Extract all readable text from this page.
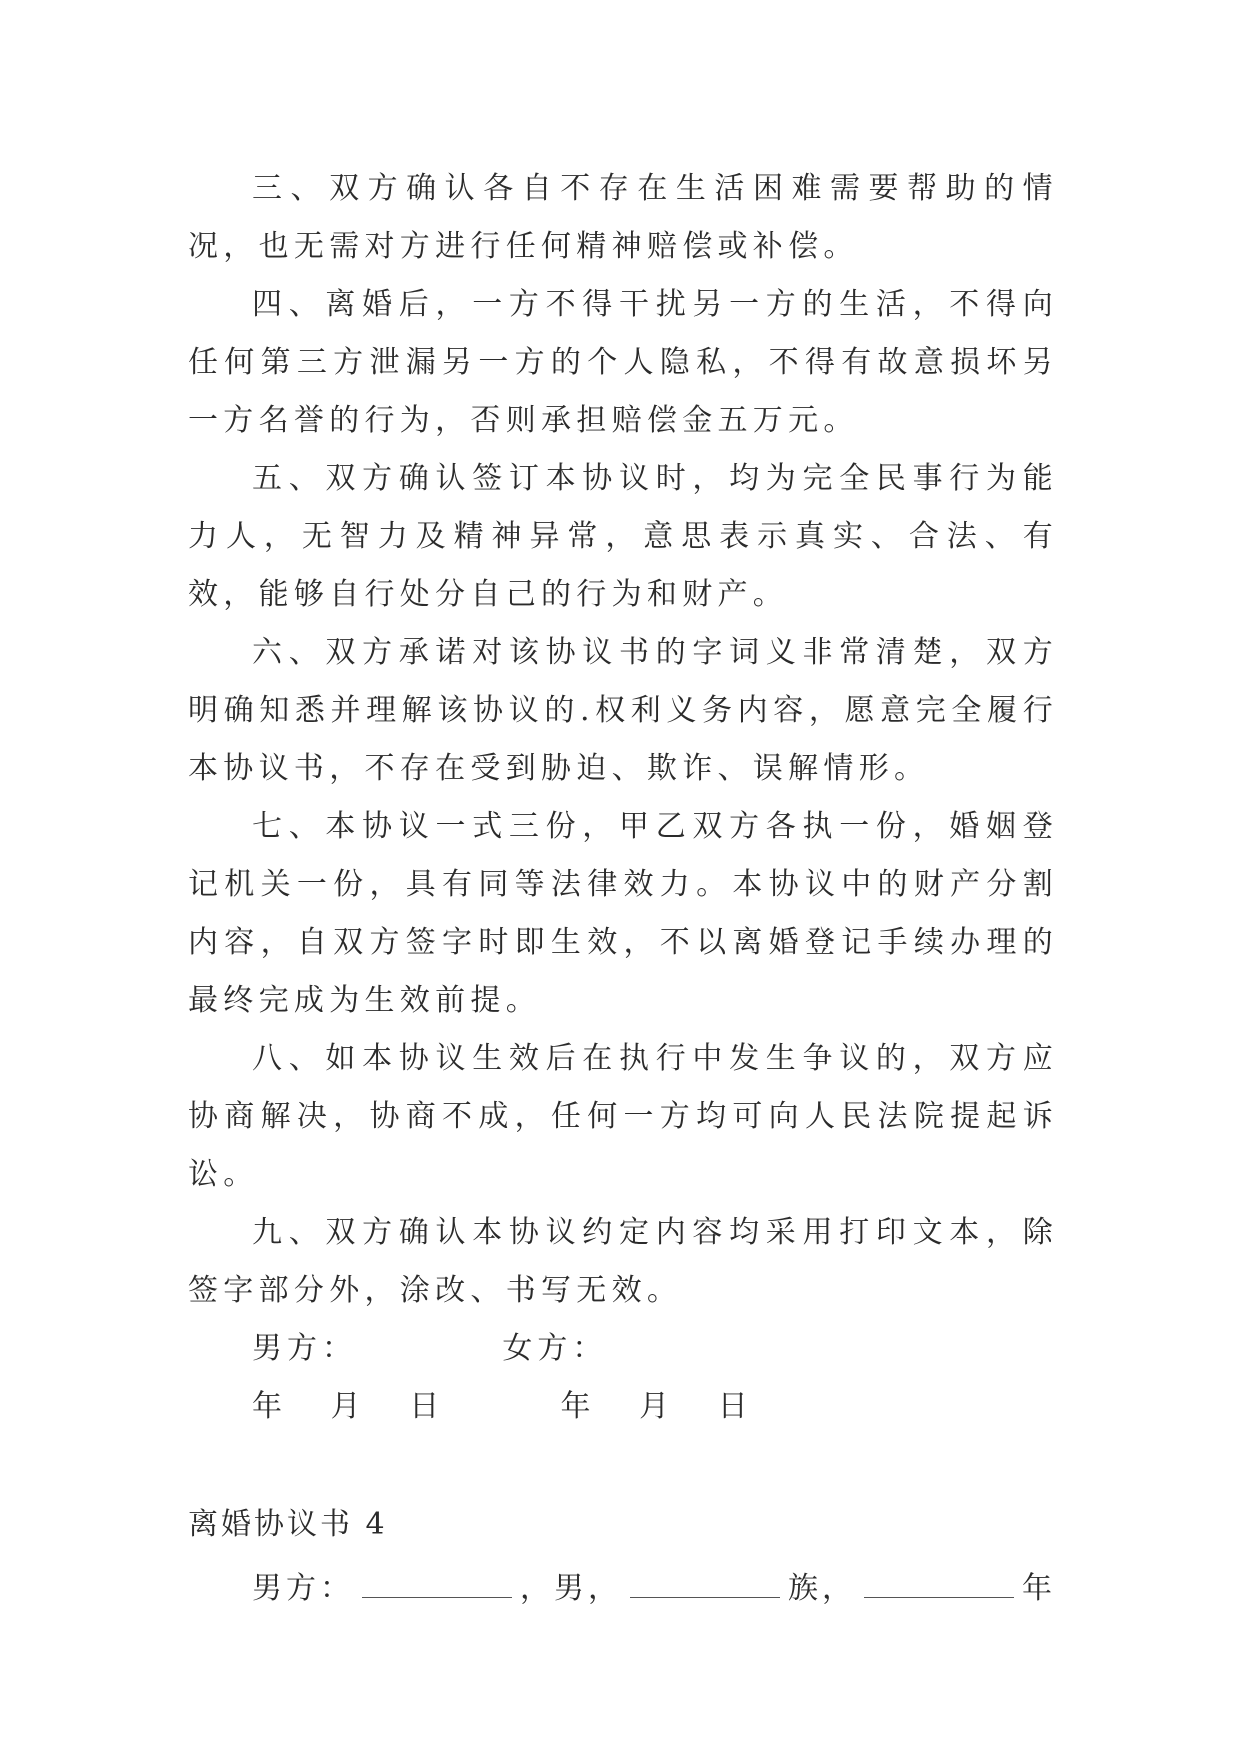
三、双方确认各自不存在生活困难需要帮助的情况，也无需对方进行任何精神赔偿或补偿。

四、离婚后，一方不得干扰另一方的生活，不得向任何第三方泄漏另一方的个人隐私，不得有故意损坏另一方名誉的行为，否则承担赔偿金五万元。

五、双方确认签订本协议时，均为完全民事行为能力人，无智力及精神异常，意思表示真实、合法、有效，能够自行处分自己的行为和财产。

六、双方承诺对该协议书的字词义非常清楚，双方明确知悉并理解该协议的.权利义务内容，愿意完全履行本协议书，不存在受到胁迫、欺诈、误解情形。

七、本协议一式三份，甲乙双方各执一份，婚姻登记机关一份，具有同等法律效力。本协议中的财产分割内容，自双方签字时即生效，不以离婚登记手续办理的最终完成为生效前提。

八、如本协议生效后在执行中发生争议的，双方应协商解决，协商不成，任何一方均可向人民法院提起诉讼。

九、双方确认本协议约定内容均采用打印文本，除签字部分外，涂改、书写无效。

男方：          女方：

年   月   日        年   月   日

离婚协议书 4

男方：	，男，	族，	年
